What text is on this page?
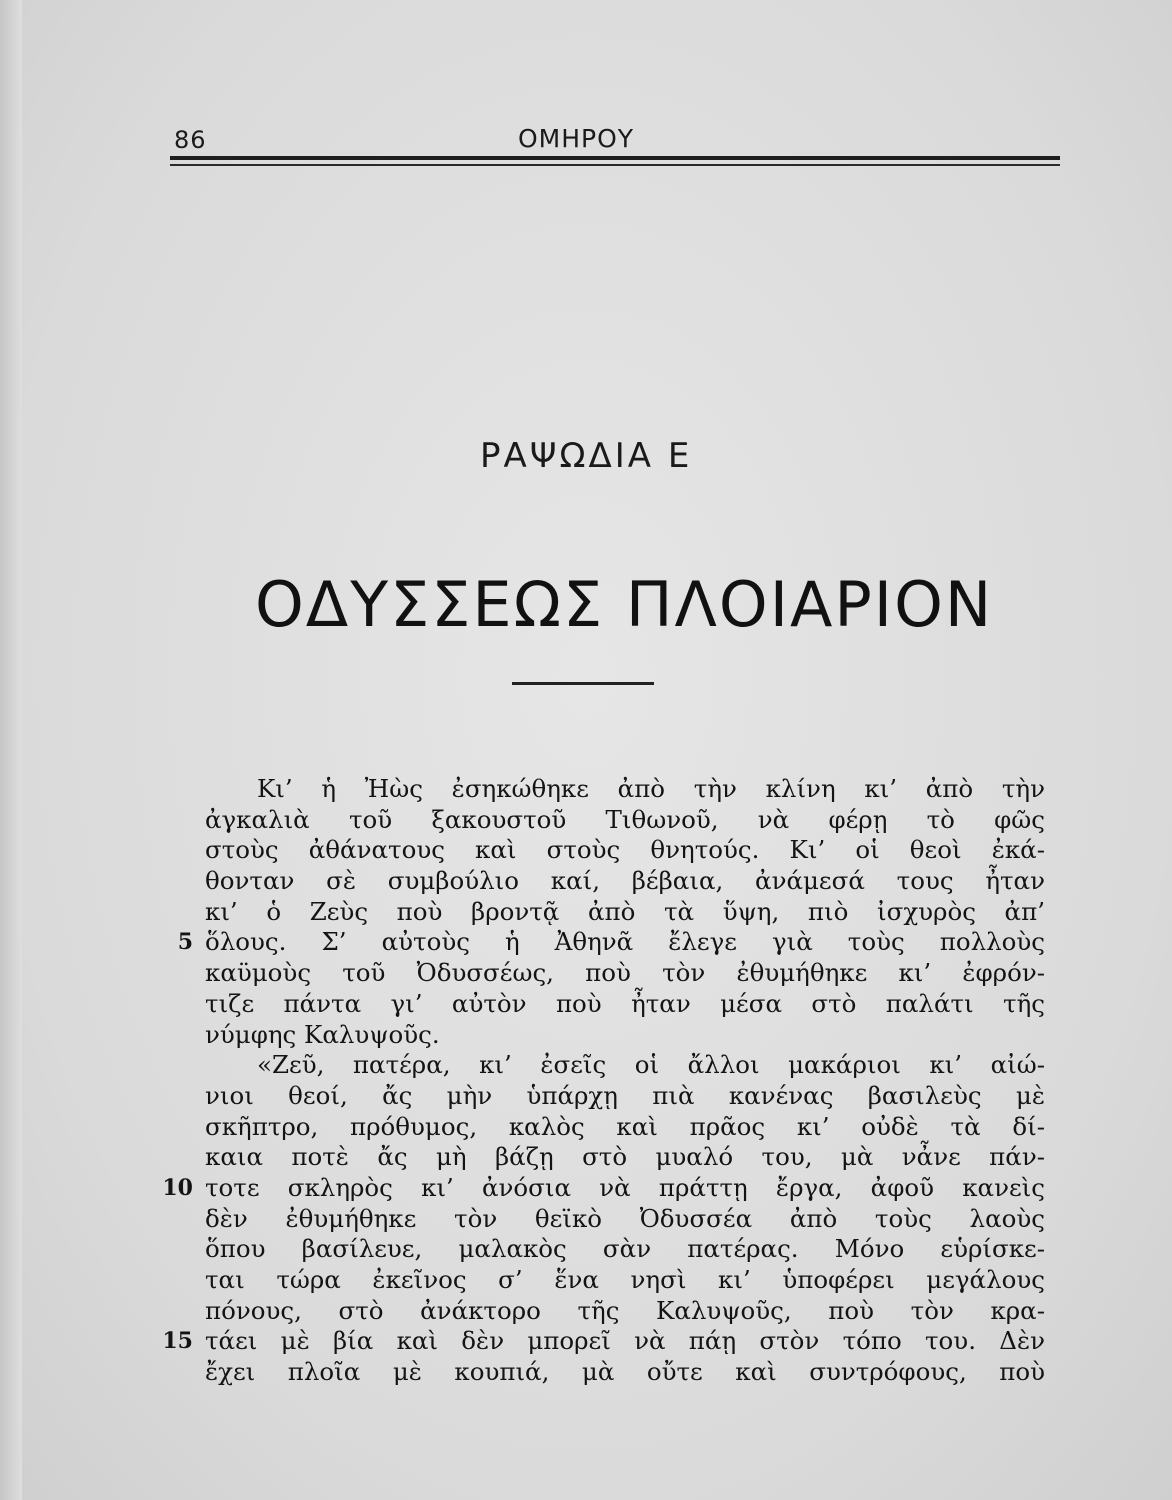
86	ΟΜΗΡΟΥ
ΡΑΨΩΔΙΑ Ε
ΟΔΥΣΣΕΩΣ ΠΛΟΙΑΡΙΟΝ
Κι’ ἡ Ἠὼς ἐσηκώθηκε ἀπὸ τὴν κλίνη κι’ ἀπὸ τὴν
ἀγκαλιὰ τοῦ ξακουστοῦ Τιθωνοῦ, νὰ φέρῃ τὸ φῶς
στοὺς ἀθάνατους καὶ στοὺς θνητούς. Κι’ οἱ θεοὶ ἐκά-
θονταν σὲ συμβούλιο καί, βέβαια, ἀνάμεσά τους ἦταν
κι’ ὁ Ζεὺς ποὺ βροντᾷ ἀπὸ τὰ ὕψη, πιὸ ἰσχυρὸς ἀπ’
5 ὅλους. Σ’ αὐτοὺς ἡ Ἀθηνᾶ ἔλεγε γιὰ τοὺς πολλοὺς
καϋμοὺς τοῦ Ὀδυσσέως, ποὺ τὸν ἐθυμήθηκε κι’ ἐφρόν-
τιζε πάντα γι’ αὐτὸν ποὺ ἦταν μέσα στὸ παλάτι τῆς
νύμφης Καλυψοῦς.
«Ζεῦ, πατέρα, κι’ ἐσεῖς οἱ ἄλλοι μακάριοι κι’ αἰώ-
νιοι θεοί, ἄς μὴν ὑπάρχῃ πιὰ κανένας βασιλεὺς μὲ
σκῆπτρο, πρόθυμος, καλὸς καὶ πρᾶος κι’ οὐδὲ τὰ δί-
καια ποτὲ ἄς μὴ βάζῃ στὸ μυαλό του, μὰ νἆνε πάν-
10 τοτε σκληρὸς κι’ ἀνόσια νὰ πράττῃ ἔργα, ἀφοῦ κανεὶς
δὲν ἐθυμήθηκε τὸν θεϊκὸ Ὀδυσσέα ἀπὸ τοὺς λαοὺς
ὅπου βασίλευε, μαλακὸς σὰν πατέρας. Μόνο εὑρίσκε-
ται τώρα ἐκεῖνος σ’ ἕνα νησὶ κι’ ὑποφέρει μεγάλους
πόνους, στὸ ἀνάκτορο τῆς Καλυψοῦς, ποὺ τὸν κρα-
15 τάει μὲ βία καὶ δὲν μπορεῖ νὰ πάῃ στὸν τόπο του. Δὲν
ἔχει πλοῖα μὲ κουπιά, μὰ οὔτε καὶ συντρόφους, ποὺ
